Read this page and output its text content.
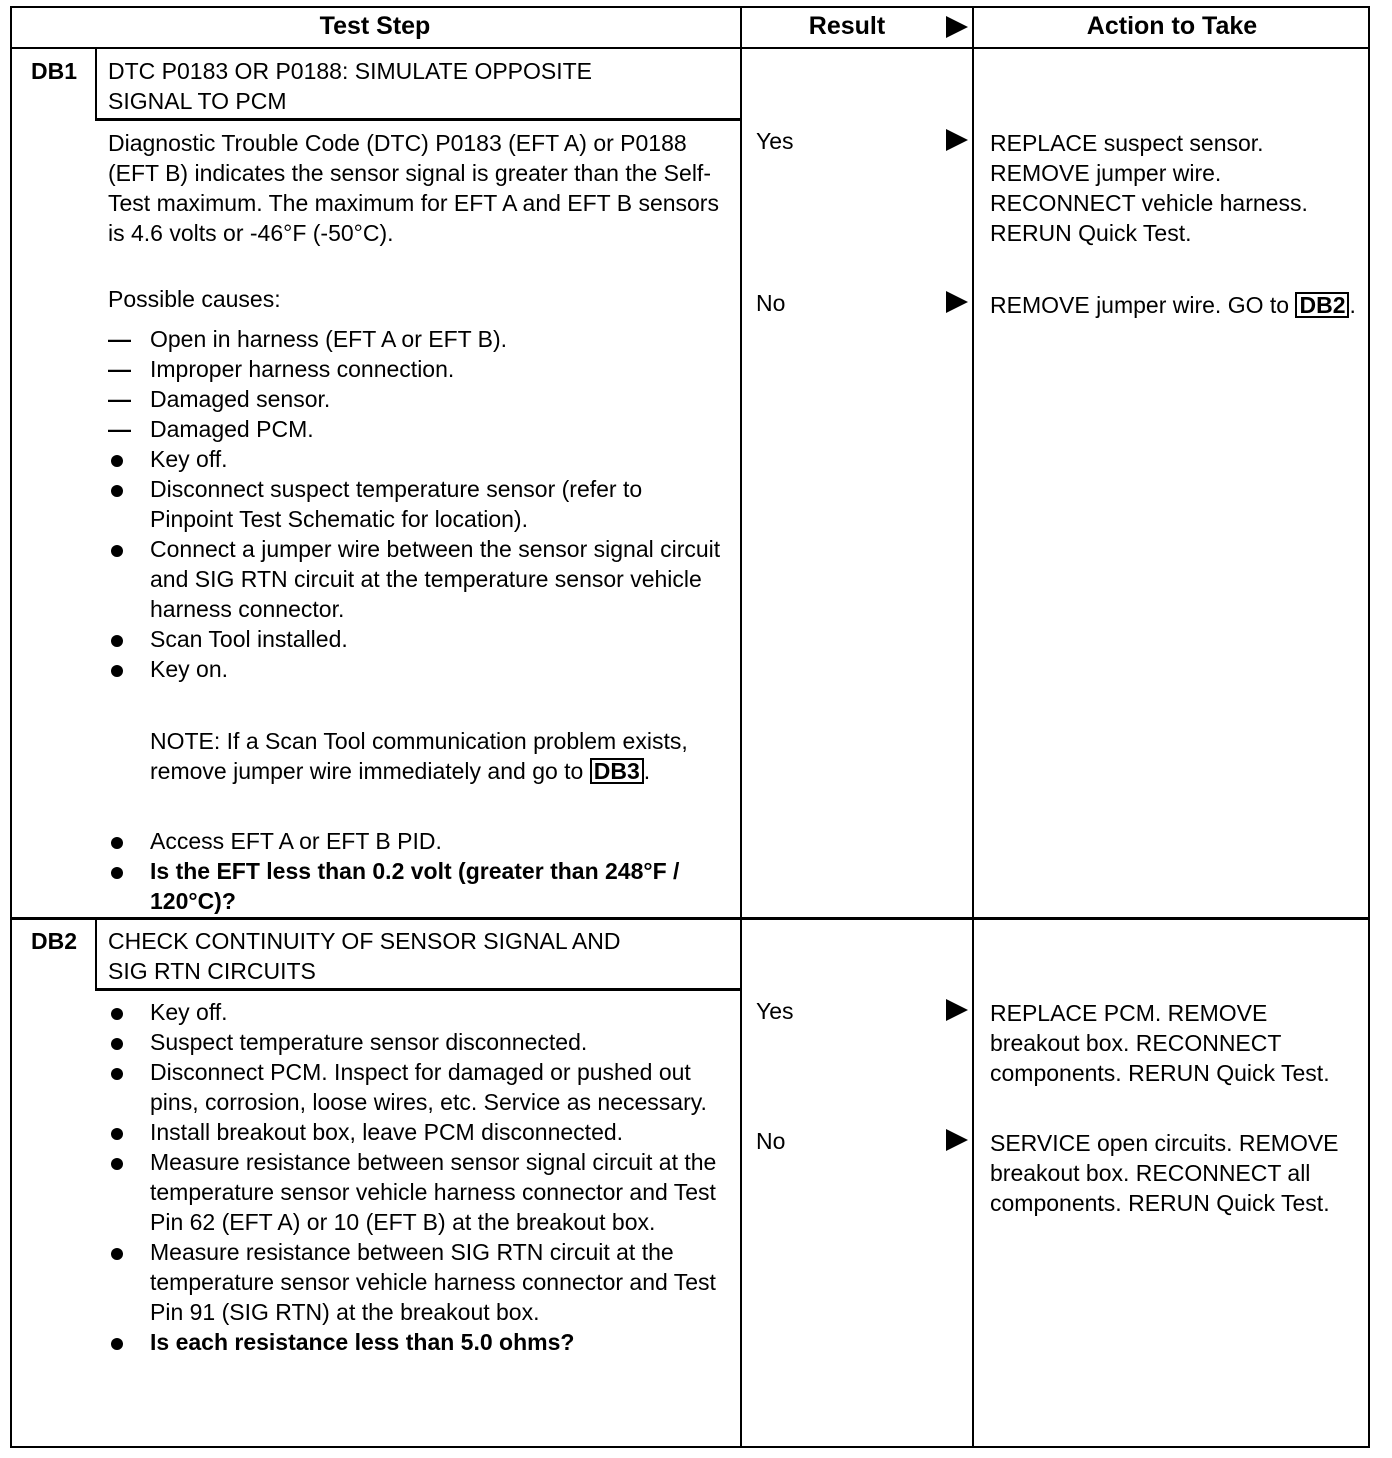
Test Step	Result	Action to Take
DB1	DTC P0183 OR P0188: SIMULATE OPPOSITE
SIGNAL TO PCM

Diagnostic Trouble Code (DTC) P0183 (EFT A) or P0188 (EFT B) indicates the sensor signal is greater than the Self-Test maximum. The maximum for EFT A and EFT B sensors is 4.6 volts or -46°F (-50°C).

Possible causes:

— Open in harness (EFT A or EFT B).
— Improper harness connection.
— Damaged sensor.
— Damaged PCM.
Key off.
Disconnect suspect temperature sensor (refer to Pinpoint Test Schematic for location).
Connect a jumper wire between the sensor signal circuit and SIG RTN circuit at the temperature sensor vehicle harness connector.
Scan Tool installed.
Key on.

NOTE: If a Scan Tool communication problem exists, remove jumper wire immediately and go to DB3 .

Access EFT A or EFT B PID.
Is the EFT less than 0.2 volt (greater than 248°F / 120°C)?
Yes	REPLACE suspect sensor. REMOVE jumper wire. RECONNECT vehicle harness. RERUN Quick Test.

No	REMOVE jumper wire. GO to DB2 .

DB2	CHECK CONTINUITY OF SENSOR SIGNAL AND
SIG RTN CIRCUITS
Key off.
Suspect temperature sensor disconnected.
Disconnect PCM. Inspect for damaged or pushed out pins, corrosion, loose wires, etc. Service as necessary.
Install breakout box, leave PCM disconnected.
Measure resistance between sensor signal circuit at the temperature sensor vehicle harness connector and Test Pin 62 (EFT A) or 10 (EFT B) at the breakout box.
Measure resistance between SIG RTN circuit at the temperature sensor vehicle harness connector and Test Pin 91 (SIG RTN) at the breakout box.
Is each resistance less than 5.0 ohms?
Yes	REPLACE PCM. REMOVE breakout box. RECONNECT components. RERUN Quick Test.

No	SERVICE open circuits. REMOVE breakout box. RECONNECT all components. RERUN Quick Test.
